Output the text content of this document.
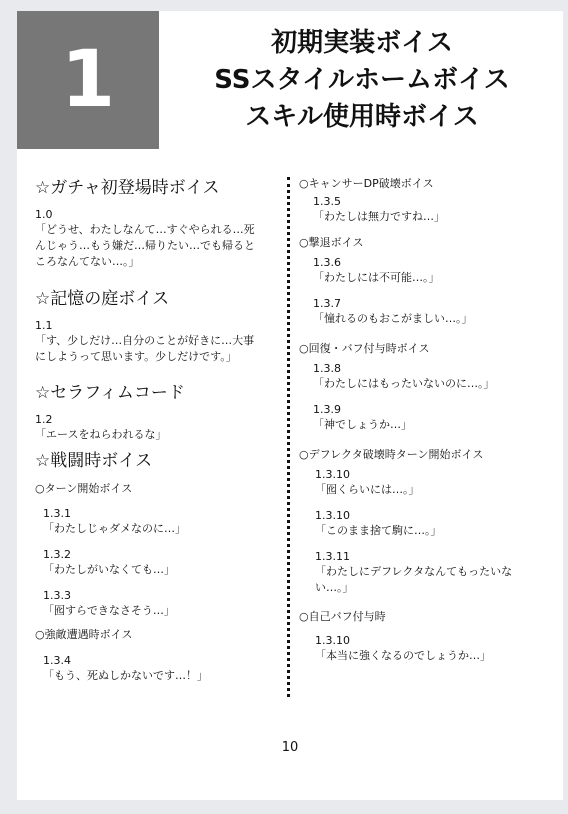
1	初期実装ボイス
SSスタイルホームボイス
スキル使用時ボイス
☆ガチャ初登場時ボイス
1.0
「どうせ、わたしなんて…すぐやられる…死
んじゃう…もう嫌だ…帰りたい…でも帰ると
ころなんてない…。」
☆記憶の庭ボイス
1.1
「す、少しだけ…自分のことが好きに…大事
にしようって思います。少しだけです。」
☆セラフィムコード
1.2
「エースをねらわれるな」
☆戦闘時ボイス
○ターン開始ボイス
1.3.1
「わたしじゃダメなのに…」
1.3.2
「わたしがいなくても…」
1.3.3
「囮すらできなさそう…」
○強敵遭遇時ボイス
1.3.4
「もう、死ぬしかないです…！」
○キャンサーDP破壊ボイス
1.3.5
「わたしは無力ですね…」
○撃退ボイス
1.3.6
「わたしには不可能…。」
1.3.7
「憧れるのもおこがましい…。」
○回復・バフ付与時ボイス
1.3.8
「わたしにはもったいないのに…。」
1.3.9
「神でしょうか…」
○デフレクタ破壊時ターン開始ボイス
1.3.10
「囮くらいには…。」
1.3.10
「このまま捨て駒に…。」
1.3.11
「わたしにデフレクタなんてもったいな
い…。」
○自己バフ付与時
1.3.10
「本当に強くなるのでしょうか…」
10
